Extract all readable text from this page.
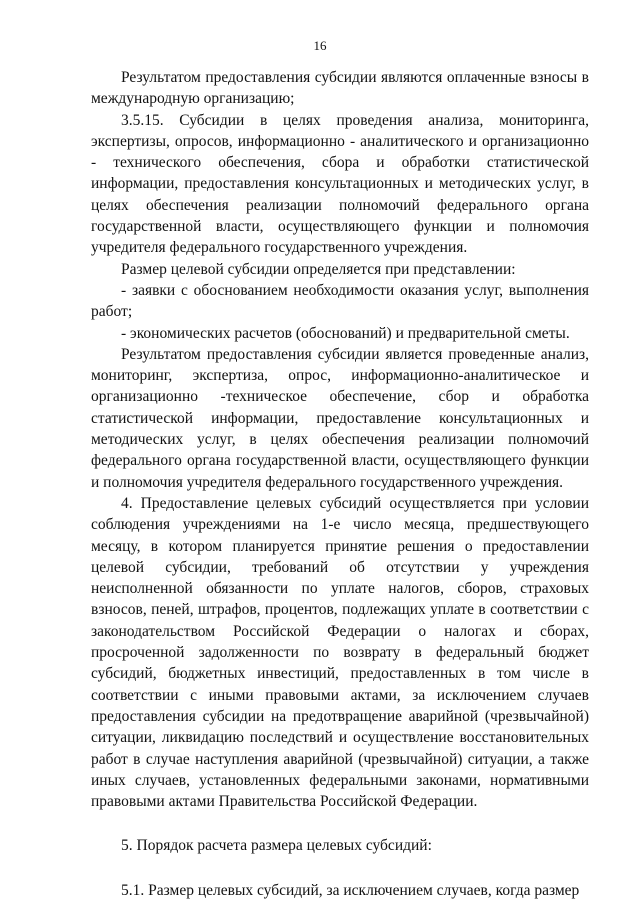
16

Результатом предоставления субсидии являются оплаченные взносы в международную организацию;

3.5.15. Субсидии в целях проведения анализа, мониторинга, экспертизы, опросов, информационно - аналитического и организационно - технического обеспечения, сбора и обработки статистической информации, предоставления консультационных и методических услуг, в целях обеспечения реализации полномочий федерального органа государственной власти, осуществляющего функции и полномочия учредителя федерального государственного учреждения.

Размер целевой субсидии определяется при представлении:

- заявки с обоснованием необходимости оказания услуг, выполнения работ;

- экономических расчетов (обоснований) и предварительной сметы.

Результатом предоставления субсидии является проведенные анализ, мониторинг, экспертиза, опрос, информационно-аналитическое и организационно -техническое обеспечение, сбор и обработка статистической информации, предоставление консультационных и методических услуг, в целях обеспечения реализации полномочий федерального органа государственной власти, осуществляющего функции и полномочия учредителя федерального государственного учреждения.

4. Предоставление целевых субсидий осуществляется при условии соблюдения учреждениями на 1-е число месяца, предшествующего месяцу, в котором планируется принятие решения о предоставлении целевой субсидии, требований об отсутствии у учреждения неисполненной обязанности по уплате налогов, сборов, страховых взносов, пеней, штрафов, процентов, подлежащих уплате в соответствии с законодательством Российской Федерации о налогах и сборах, просроченной задолженности по возврату в федеральный бюджет субсидий, бюджетных инвестиций, предоставленных в том числе в соответствии с иными правовыми актами, за исключением случаев предоставления субсидии на предотвращение аварийной (чрезвычайной) ситуации, ликвидацию последствий и осуществление восстановительных работ в случае наступления аварийной (чрезвычайной) ситуации, а также иных случаев, установленных федеральными законами, нормативными правовыми актами Правительства Российской Федерации.

5. Порядок расчета размера целевых субсидий:

5.1. Размер целевых субсидий, за исключением случаев, когда размер
